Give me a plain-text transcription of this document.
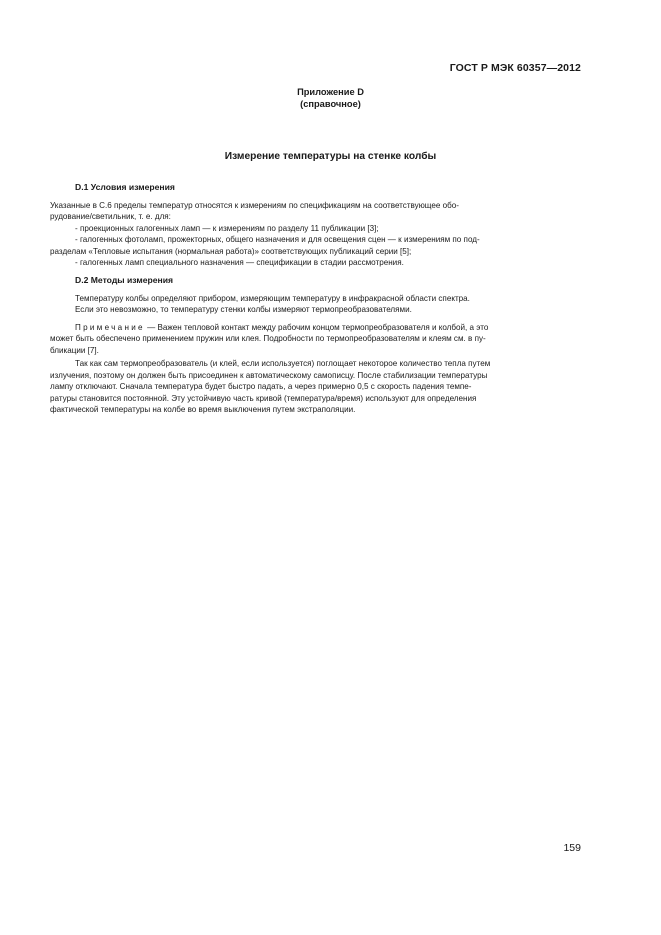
ГОСТ Р МЭК 60357—2012
Приложение D
(справочное)
Измерение температуры на стенке колбы

D.1 Условия измерения

Указанные в С.6 пределы температур относятся к измерениям по спецификациям на соответствующее обо-

рудование/светильник, т. е. для:

- проекционных галогенных ламп — к измерениям по разделу 11 публикации [3];

- галогенных фотоламп, прожекторных, общего назначения и для освещения сцен — к измерениям по под-

разделам «Тепловые испытания (нормальная работа)» соответствующих публикаций серии [5];

- галогенных ламп специального назначения — спецификации в стадии рассмотрения.

D.2 Методы измерения

Температуру колбы определяют прибором, измеряющим температуру в инфракрасной области спектра.

Если это невозможно, то температуру стенки колбы измеряют термопреобразователями.

Примечание — Важен тепловой контакт между рабочим концом термопреобразователя и колбой, а это

может быть обеспечено применением пружин или клея. Подробности по термопреобразователям и клеям см. в пу-

бликации [7].

Так как сам термопреобразователь (и клей, если используется) поглощает некоторое количество тепла путем

излучения, поэтому он должен быть присоединен к автоматическому самописцу. После стабилизации температуры

лампу отключают. Сначала температура будет быстро падать, а через примерно 0,5 с скорость падения темпе-

ратуры становится постоянной. Эту устойчивую часть кривой (температура/время) используют для определения

фактической температуры на колбе во время выключения путем экстраполяции.

159
